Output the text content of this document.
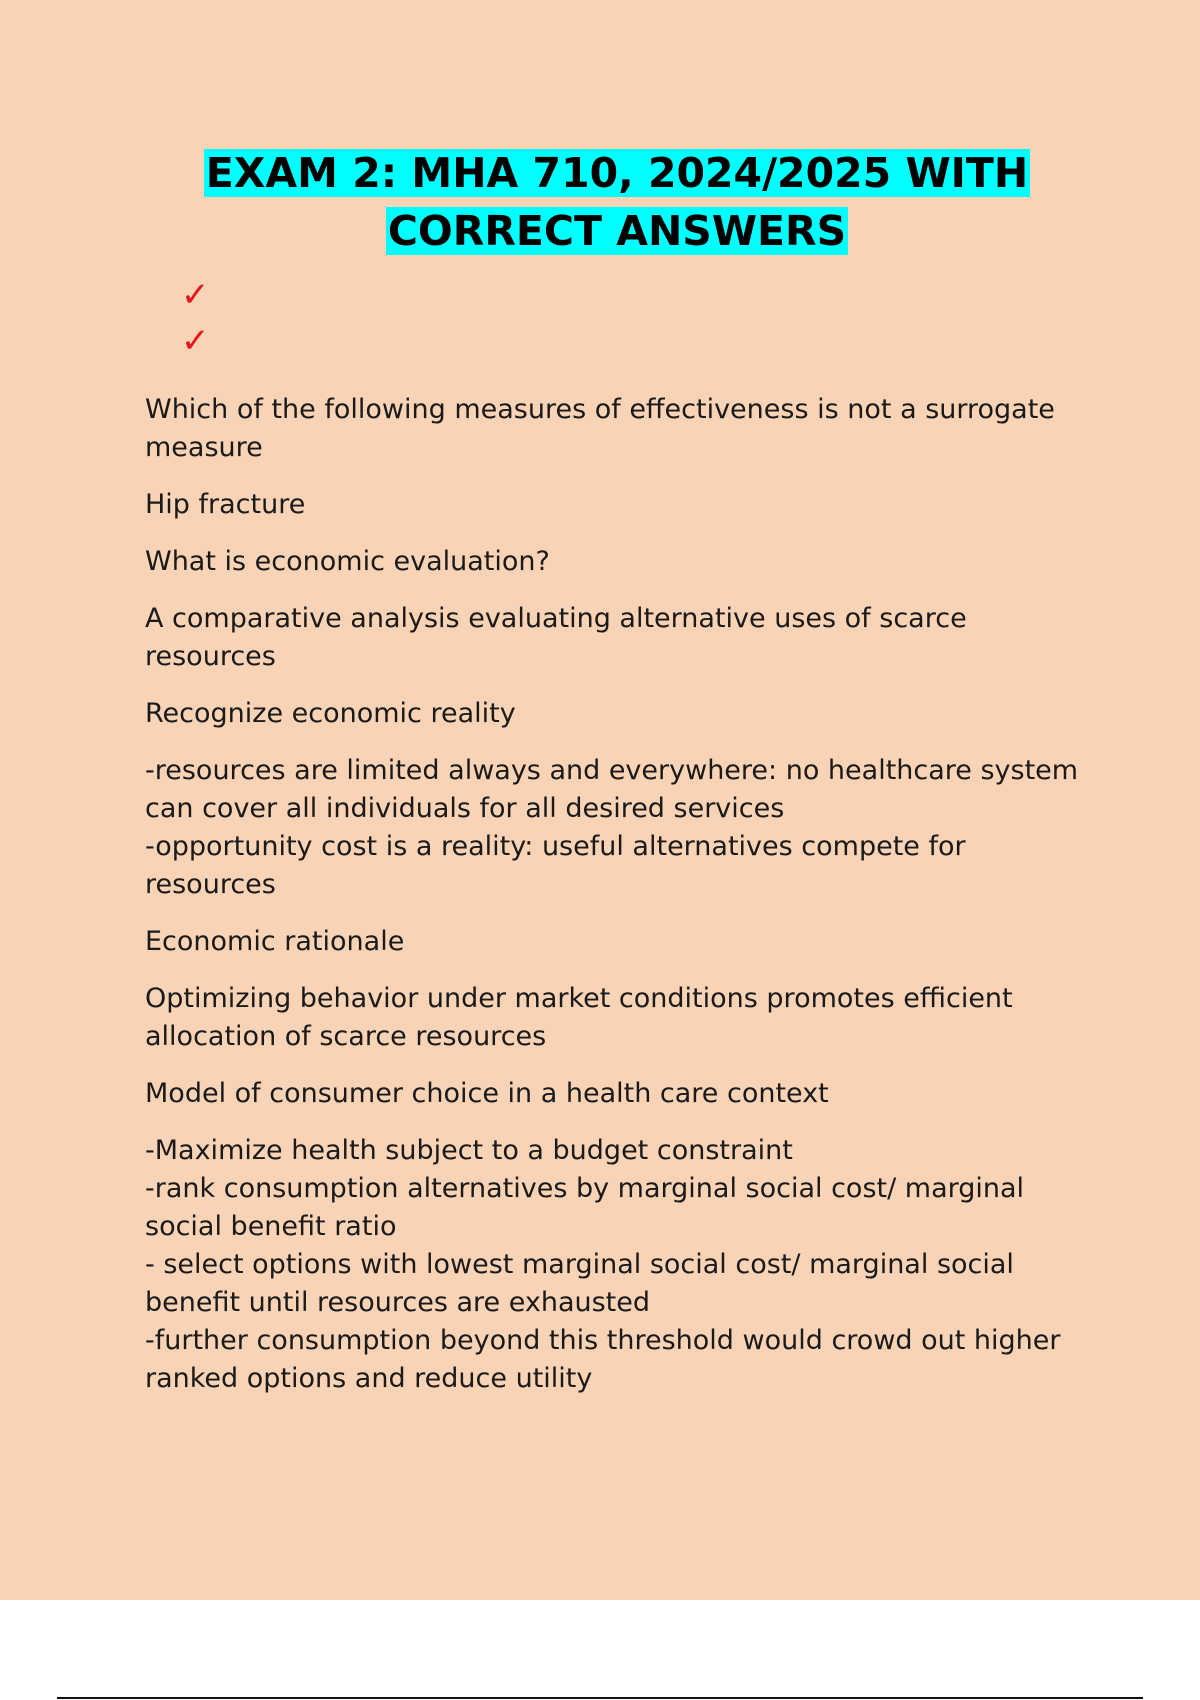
EXAM 2: MHA 710, 2024/2025 WITH
CORRECT ANSWERS
✓
✓

Which of the following measures of effectiveness is not a surrogate measure

Hip fracture

What is economic evaluation?

A comparative analysis evaluating alternative uses of scarce resources

Recognize economic reality

-resources are limited always and everywhere: no healthcare system can cover all individuals for all desired services
-opportunity cost is a reality: useful alternatives compete for resources

Economic rationale

Optimizing behavior under market conditions promotes efficient allocation of scarce resources

Model of consumer choice in a health care context

-Maximize health subject to a budget constraint
-rank consumption alternatives by marginal social cost/ marginal social benefit ratio
- select options with lowest marginal social cost/ marginal social benefit until resources are exhausted
-further consumption beyond this threshold would crowd out higher ranked options and reduce utility
